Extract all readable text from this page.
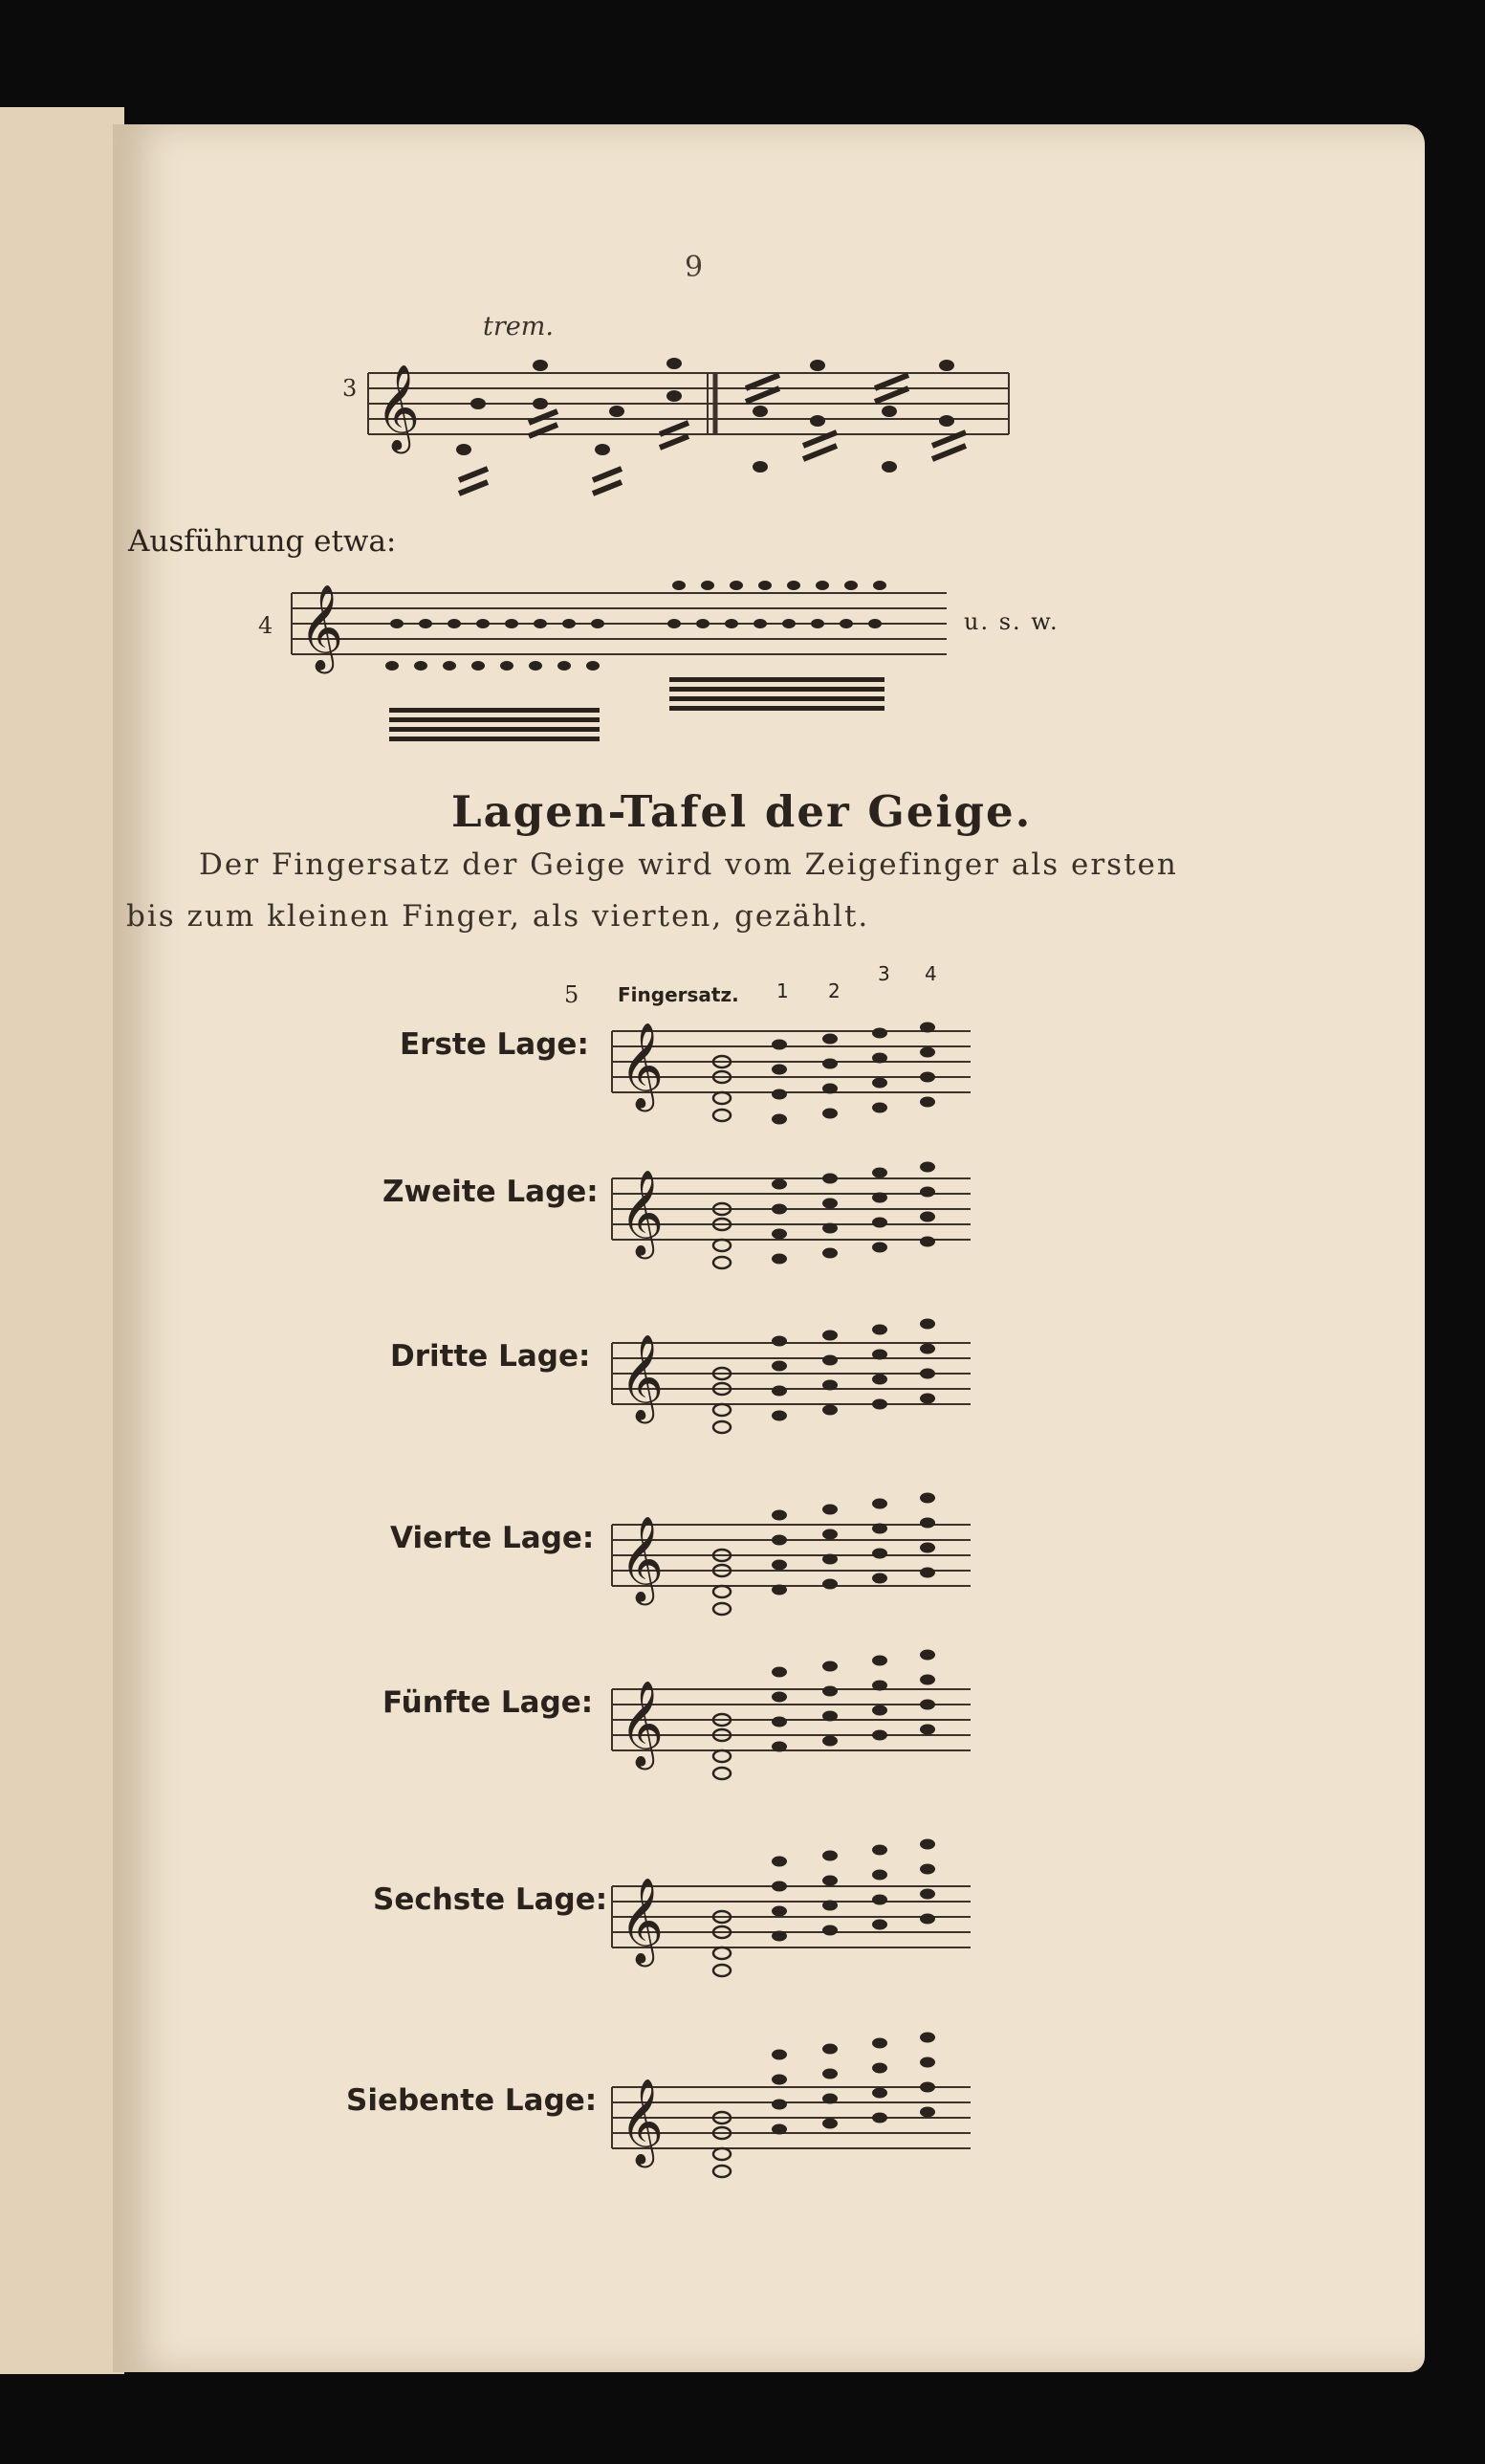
9
trem.
3 𝄞
Ausführung etwa:
4	u. s. w.
𝄞
Lagen-Tafel der Geige.
Der Fingersatz der Geige wird vom Zeigefinger als ersten
bis zum kleinen Finger, als vierten, gezählt.
5 Fingersatz. 1 2
3 4
Erste Lage:
Zweite Lage:
Dritte Lage:
Vierte Lage:
Fünfte Lage:
Sechste Lage:
Siebente Lage:
𝄞
𝄞
𝄞
𝄞
𝄞
𝄞
𝄞
